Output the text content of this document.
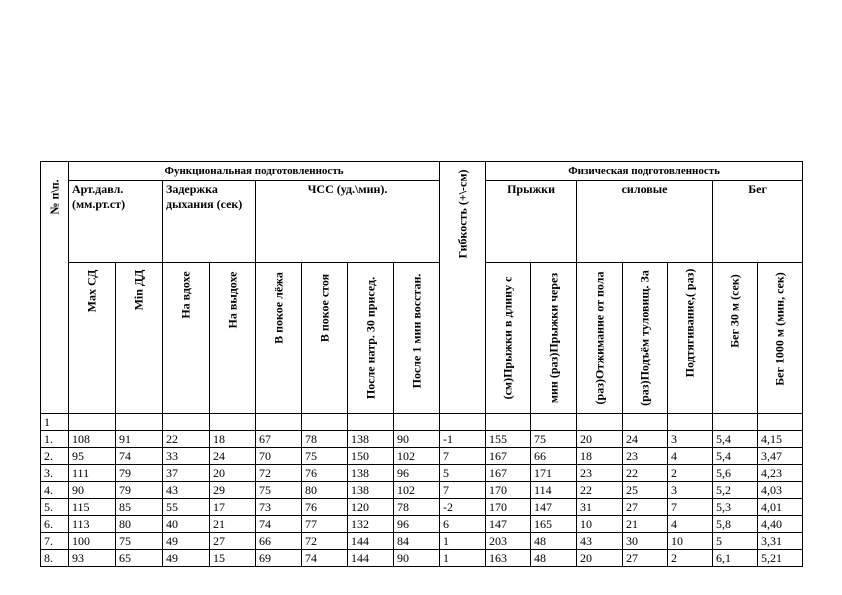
№ п\п.	Функциональная подготовленность								Гибкость (+\-см)	Физическая подготовленность						
	Арт.давл. (мм.рт.ст)		Задержка дыхания (сек)		ЧСС (уд.\мин).					Прыжки		силовые			Бег	

	Мах СД	Min ДД	На вдохе	На выдохе	В покое лёжа	В покое стоя	После натр. 30 присед.	После 1 мин восстан.		(см)Прыжки в длину с	мин (раз)Прыжки через	(раз)Отжимание от пола	(раз)Подъём туловищ. За	Подтягивание,( раз)	Бег 30 м (сек)	Бег 1000 м (мин, сек)

1																
1.	108	91	22	18	67	78	138	90	-1	155	75	20	24	3	5,4	4,15
2.	95	74	33	24	70	75	150	102	7	167	66	18	23	4	5,4	3,47
3.	111	79	37	20	72	76	138	96	5	167	171	23	22	2	5,6	4,23
4.	90	79	43	29	75	80	138	102	7	170	114	22	25	3	5,2	4,03
5.	115	85	55	17	73	76	120	78	-2	170	147	31	27	7	5,3	4,01
6.	113	80	40	21	74	77	132	96	6	147	165	10	21	4	5,8	4,40
7.	100	75	49	27	66	72	144	84	1	203	48	43	30	10	5	3,31
8.	93	65	49	15	69	74	144	90	1	163	48	20	27	2	6,1	5,21
